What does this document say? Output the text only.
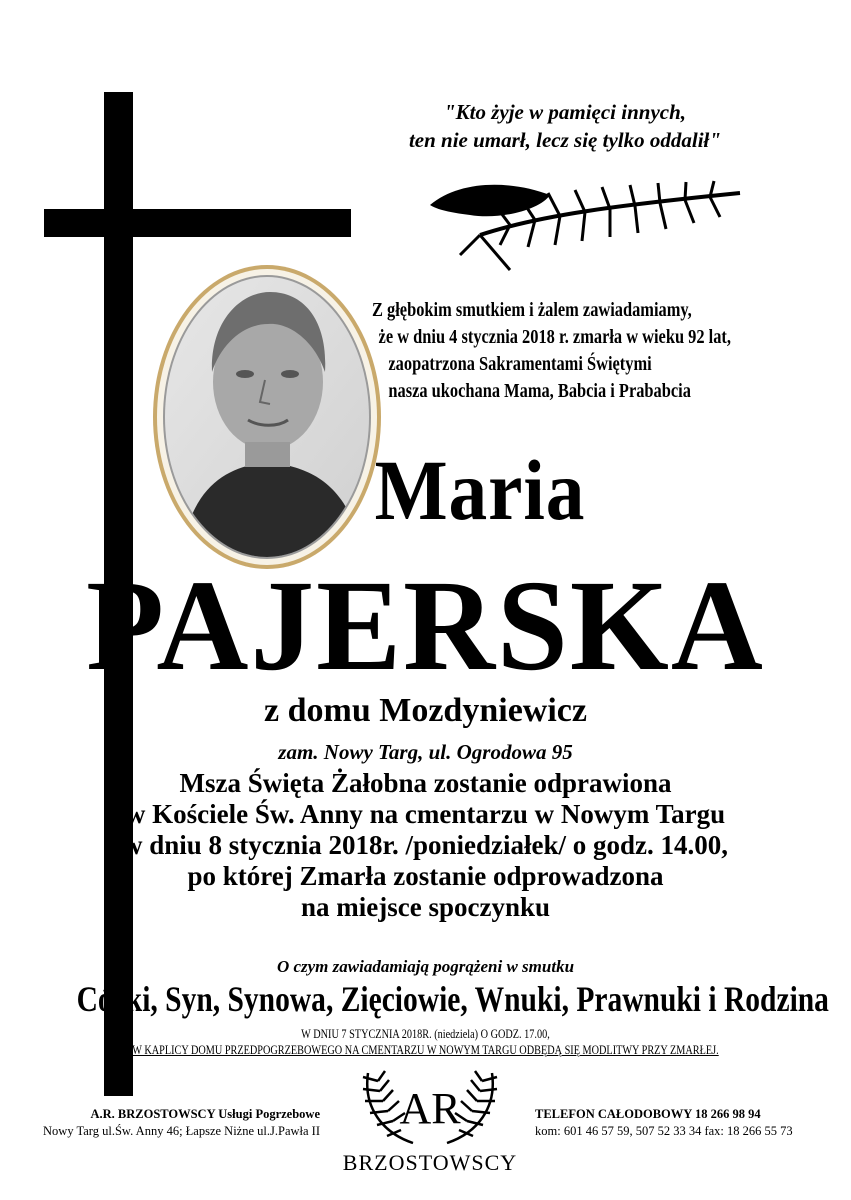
"Kto żyje w pamięci innych,
ten nie umarł, lecz się tylko oddalił"
Z głębokim smutkiem i żalem zawiadamiamy,
że w dniu 4 stycznia 2018 r. zmarła w wieku 92 lat,
zaopatrzona Sakramentami Świętymi
nasza ukochana Mama, Babcia i Prababcia
Maria
PAJERSKA
z domu Mozdyniewicz
zam. Nowy Targ, ul. Ogrodowa 95
Msza Święta Żałobna zostanie odprawiona
w Kościele Św. Anny na cmentarzu w Nowym Targu
w dniu 8 stycznia 2018r. /poniedziałek/ o godz. 14.00,
po której Zmarła zostanie odprowadzona
na miejsce spoczynku
O czym zawiadamiają pogrążeni w smutku
Córki, Syn, Synowa, Zięciowie, Wnuki, Prawnuki i Rodzina
W DNIU 7 STYCZNIA 2018R. (niedziela) O GODZ. 17.00,
W KAPLICY DOMU PRZEDPOGRZEBOWEGO NA CMENTARZU W NOWYM TARGU ODBĘDĄ SIĘ MODLITWY PRZY ZMARŁEJ.
A.R. BRZOSTOWSCY Usługi Pogrzebowe
Nowy Targ ul.Św. Anny 46; Łapsze Niżne ul.J.Pawła II AR
BRZOSTOWSCY
TELEFON CAŁODOBOWY 18 266 98 94
kom: 601 46 57 59, 507 52 33 34 fax: 18 266 55 73
